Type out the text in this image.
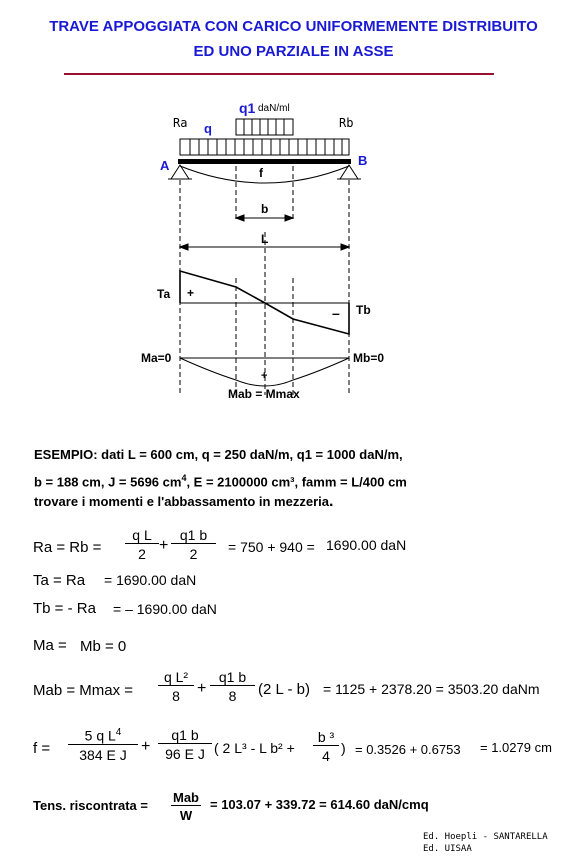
TRAVE APPOGGIATA CON CARICO UNIFORMEMENTE DISTRIBUITO
ED UNO PARZIALE IN ASSE
q1 daN/ml
q
Ra	Rb
A	B
f
b
L
Ta +
– Tb
Ma=0	Mb=0
+
Mab = Mmax
ESEMPIO: dati L = 600 cm, q = 250 daN/m, q1 = 1000 daN/m,
b = 188 cm, J = 5696 $cm^4$, E = 2100000 cm³, famm = L/400 cm
trovare i momenti e l'abbassamento in mezzeria.
$Ra = Rb = \frac{\text{q L}}{2} + \frac{q1 b}{2} = 750 + 940 = 1690.00$ daN
Ta = Ra = 1690.00 daN
Tb = - Ra = – 1690.00 daN
Ma = Mb = 0
Mab = $Mmax = \frac{\text{q L²}}{8} + \frac{q1 b}{8} (2$ L - b) = 1125 + 2378.20 = 3503.20 daNm
$f = \frac{5 q L^4}{\text{384 E J}} + \frac{q1 b}{\text{96 E J}}$ ( 2 L³ - L $b^2 + \frac{\text{b ³}}{4}$ ) = 0.3526 + 0.6753 = 1.0279 cm
Tens. riscontrata =
Mab
W
= 103.07 + 339.72 = 614.60 daN/cmq
Ed. Hoepli - SANTARELLA
Ed. UISAA
